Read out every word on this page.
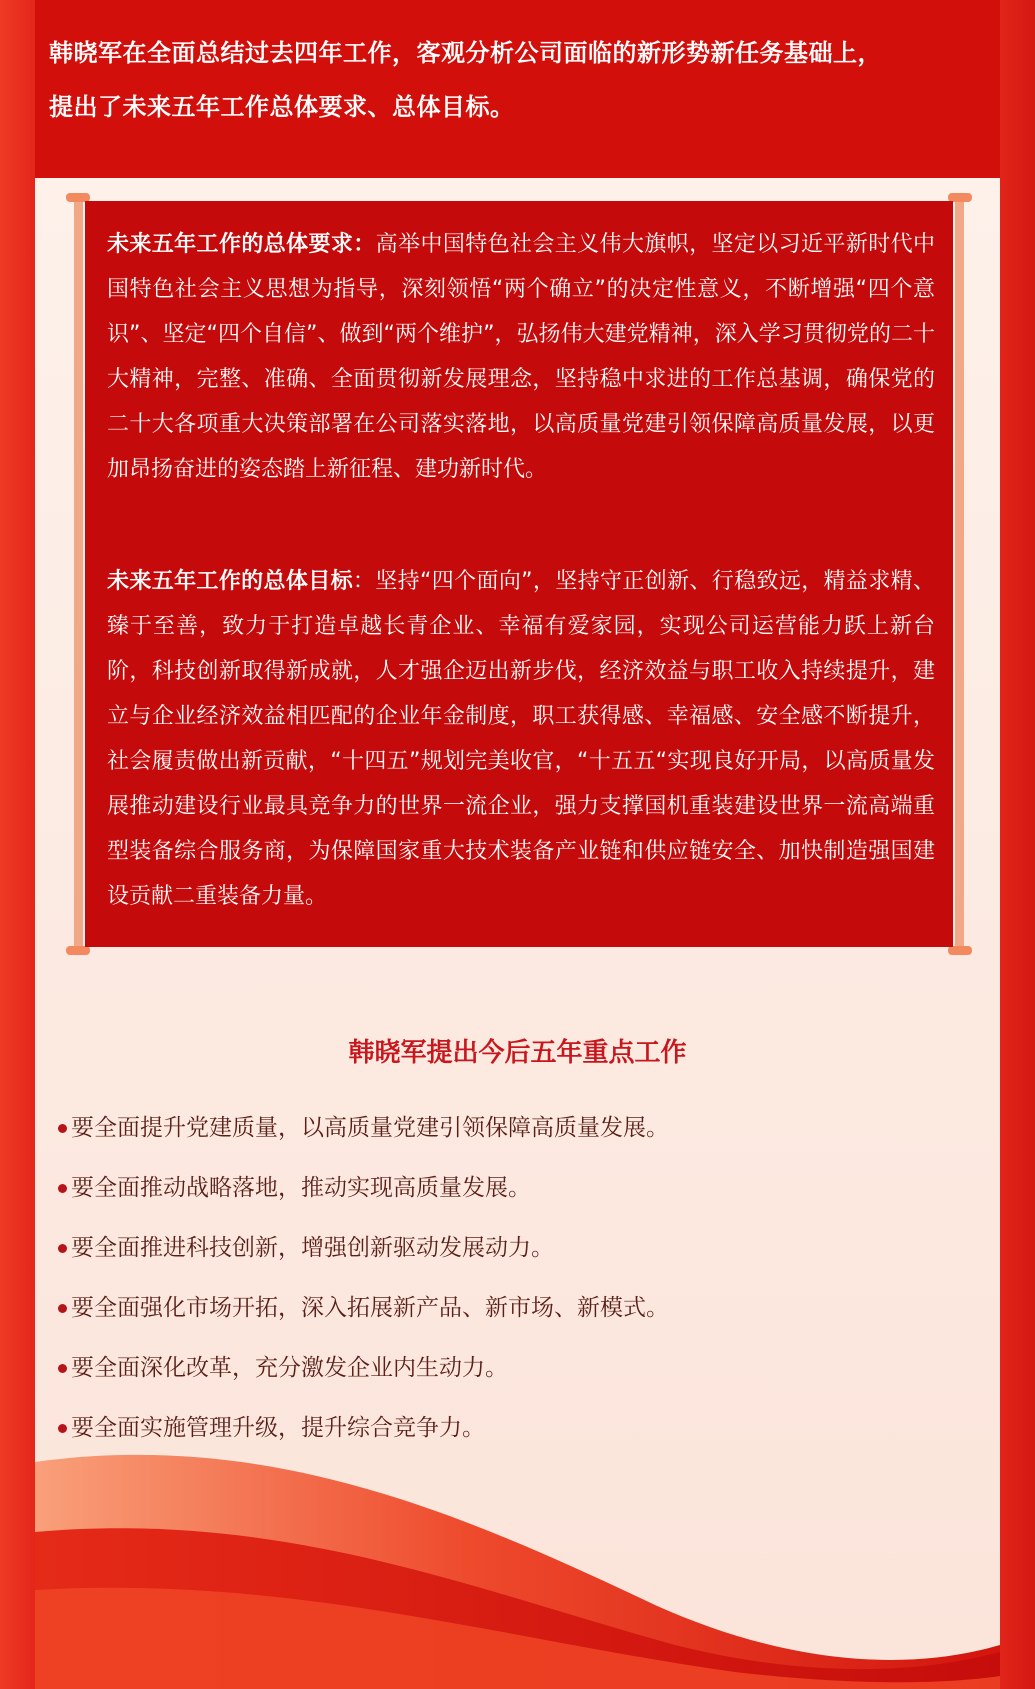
韩晓军在全面总结过去四年工作，客观分析公司面临的新形势新任务基础上，
提出了未来五年工作总体要求、总体目标。

未来五年工作的总体要求：高举中国特色社会主义伟大旗帜，坚定以习近平新时代中国特色社会主义思想为指导，深刻领悟“两个确立”的决定性意义，不断增强“四个意识”、坚定“四个自信”、做到“两个维护”，弘扬伟大建党精神，深入学习贯彻党的二十大精神，完整、准确、全面贯彻新发展理念，坚持稳中求进的工作总基调，确保党的二十大各项重大决策部署在公司落实落地，以高质量党建引领保障高质量发展，以更加昂扬奋进的姿态踏上新征程、建功新时代。

未来五年工作的总体目标：坚持“四个面向”，坚持守正创新、行稳致远，精益求精、臻于至善，致力于打造卓越长青企业、幸福有爱家园，实现公司运营能力跃上新台阶，科技创新取得新成就，人才强企迈出新步伐，经济效益与职工收入持续提升，建立与企业经济效益相匹配的企业年金制度，职工获得感、幸福感、安全感不断提升，社会履责做出新贡献，“十四五”规划完美收官，“十五五“实现良好开局，以高质量发展推动建设行业最具竞争力的世界一流企业，强力支撑国机重装建设世界一流高端重型装备综合服务商，为保障国家重大技术装备产业链和供应链安全、加快制造强国建设贡献二重装备力量。

韩晓军提出今后五年重点工作
要全面提升党建质量，以高质量党建引领保障高质量发展。
要全面推动战略落地，推动实现高质量发展。
要全面推进科技创新，增强创新驱动发展动力。
要全面强化市场开拓，深入拓展新产品、新市场、新模式。
要全面深化改革，充分激发企业内生动力。
要全面实施管理升级，提升综合竞争力。
